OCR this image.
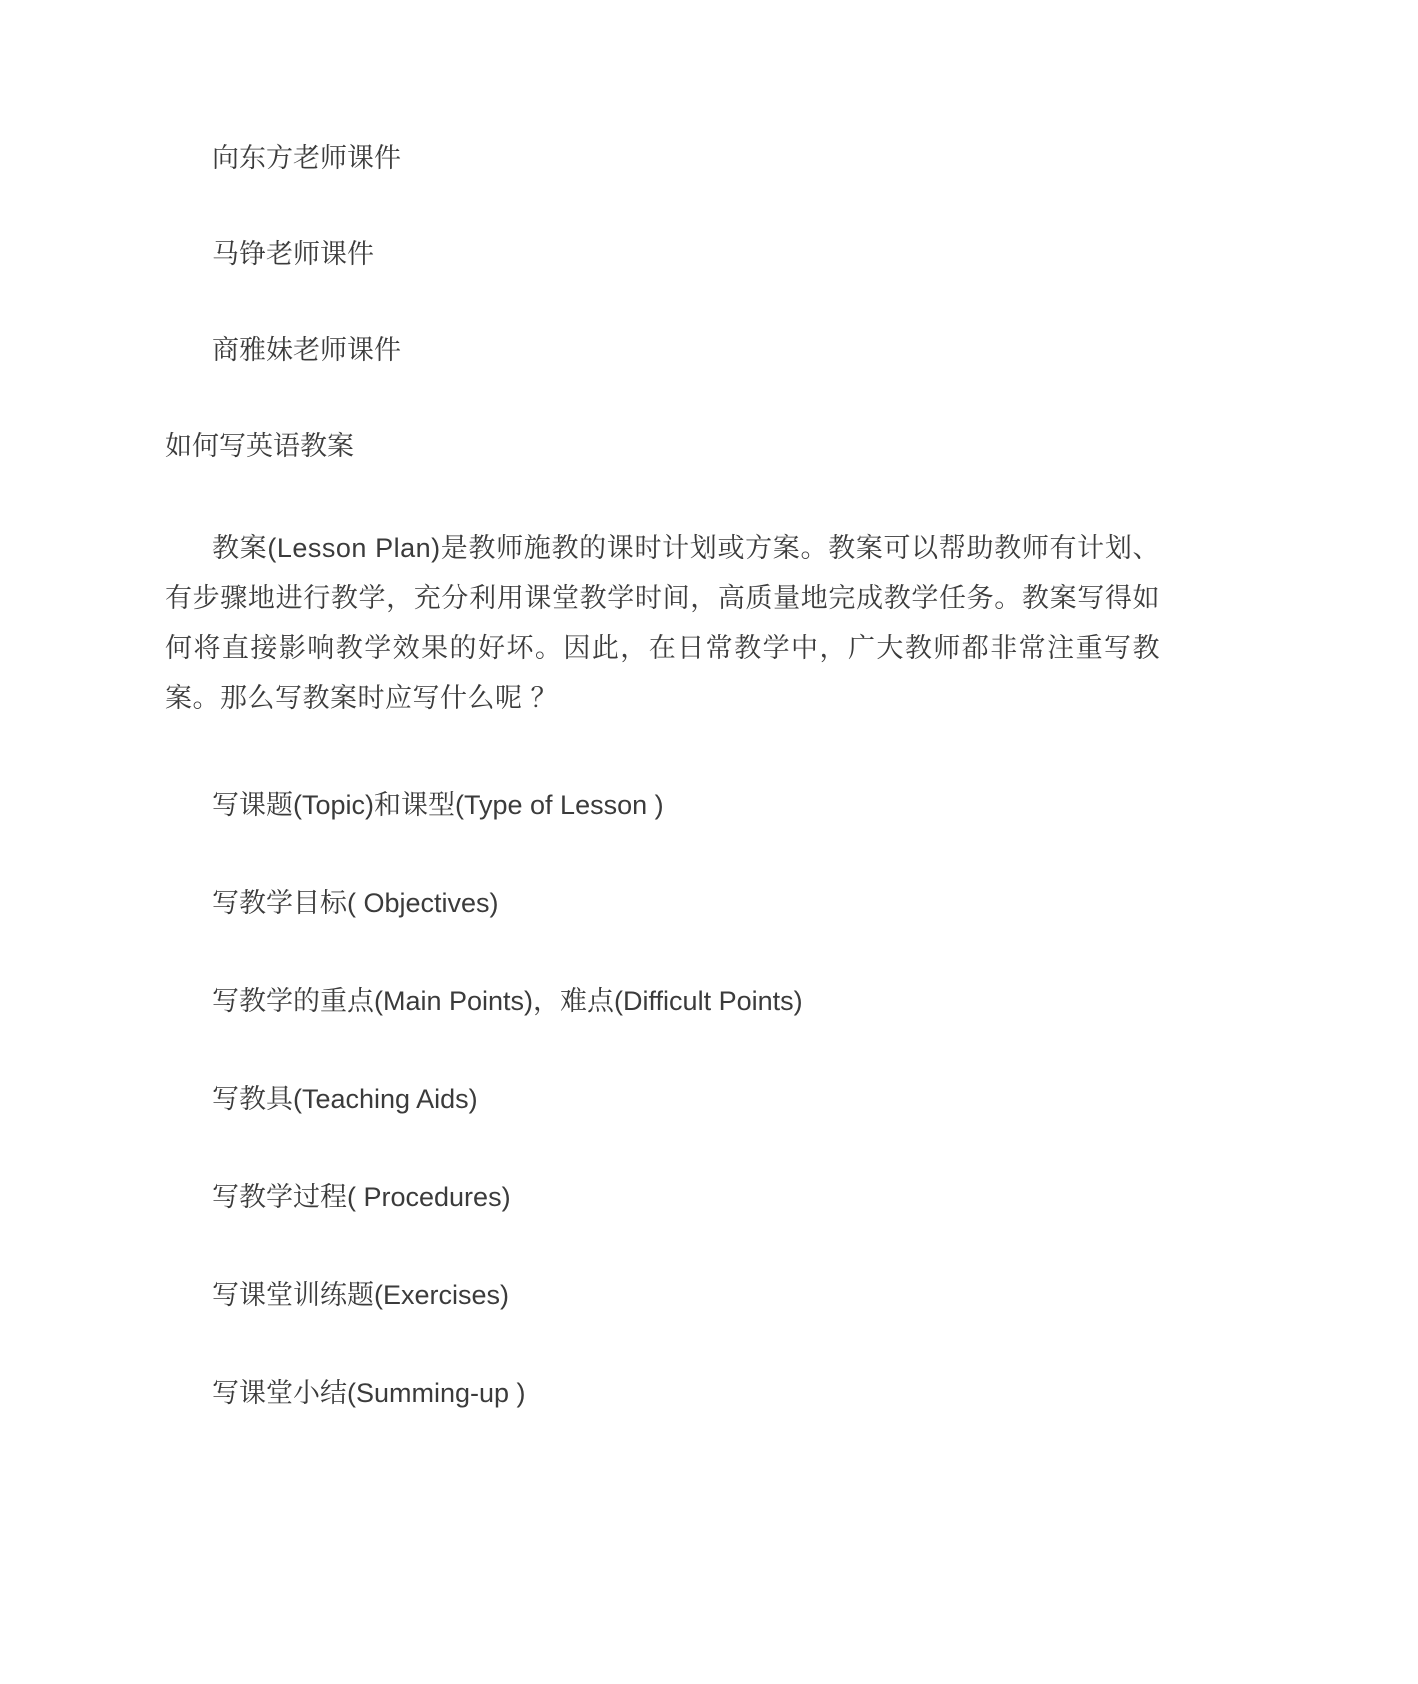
向东方老师课件

马铮老师课件

商雅妹老师课件

如何写英语教案

教案(Lesson Plan)是教师施教的课时计划或方案。教案可以帮助教师有计划、有步骤地进行教学，充分利用课堂教学时间，高质量地完成教学任务。教案写得如何将直接影响教学效果的好坏。因此，在日常教学中，广大教师都非常注重写教案。那么写教案时应写什么呢 ？

写课题(Topic)和课型(Type of Lesson )

写教学目标( Objectives)

写教学的重点(Main Points)，难点(Difficult Points)

写教具(Teaching Aids)

写教学过程( Procedures)

写课堂训练题(Exercises)

写课堂小结(Summing-up )
